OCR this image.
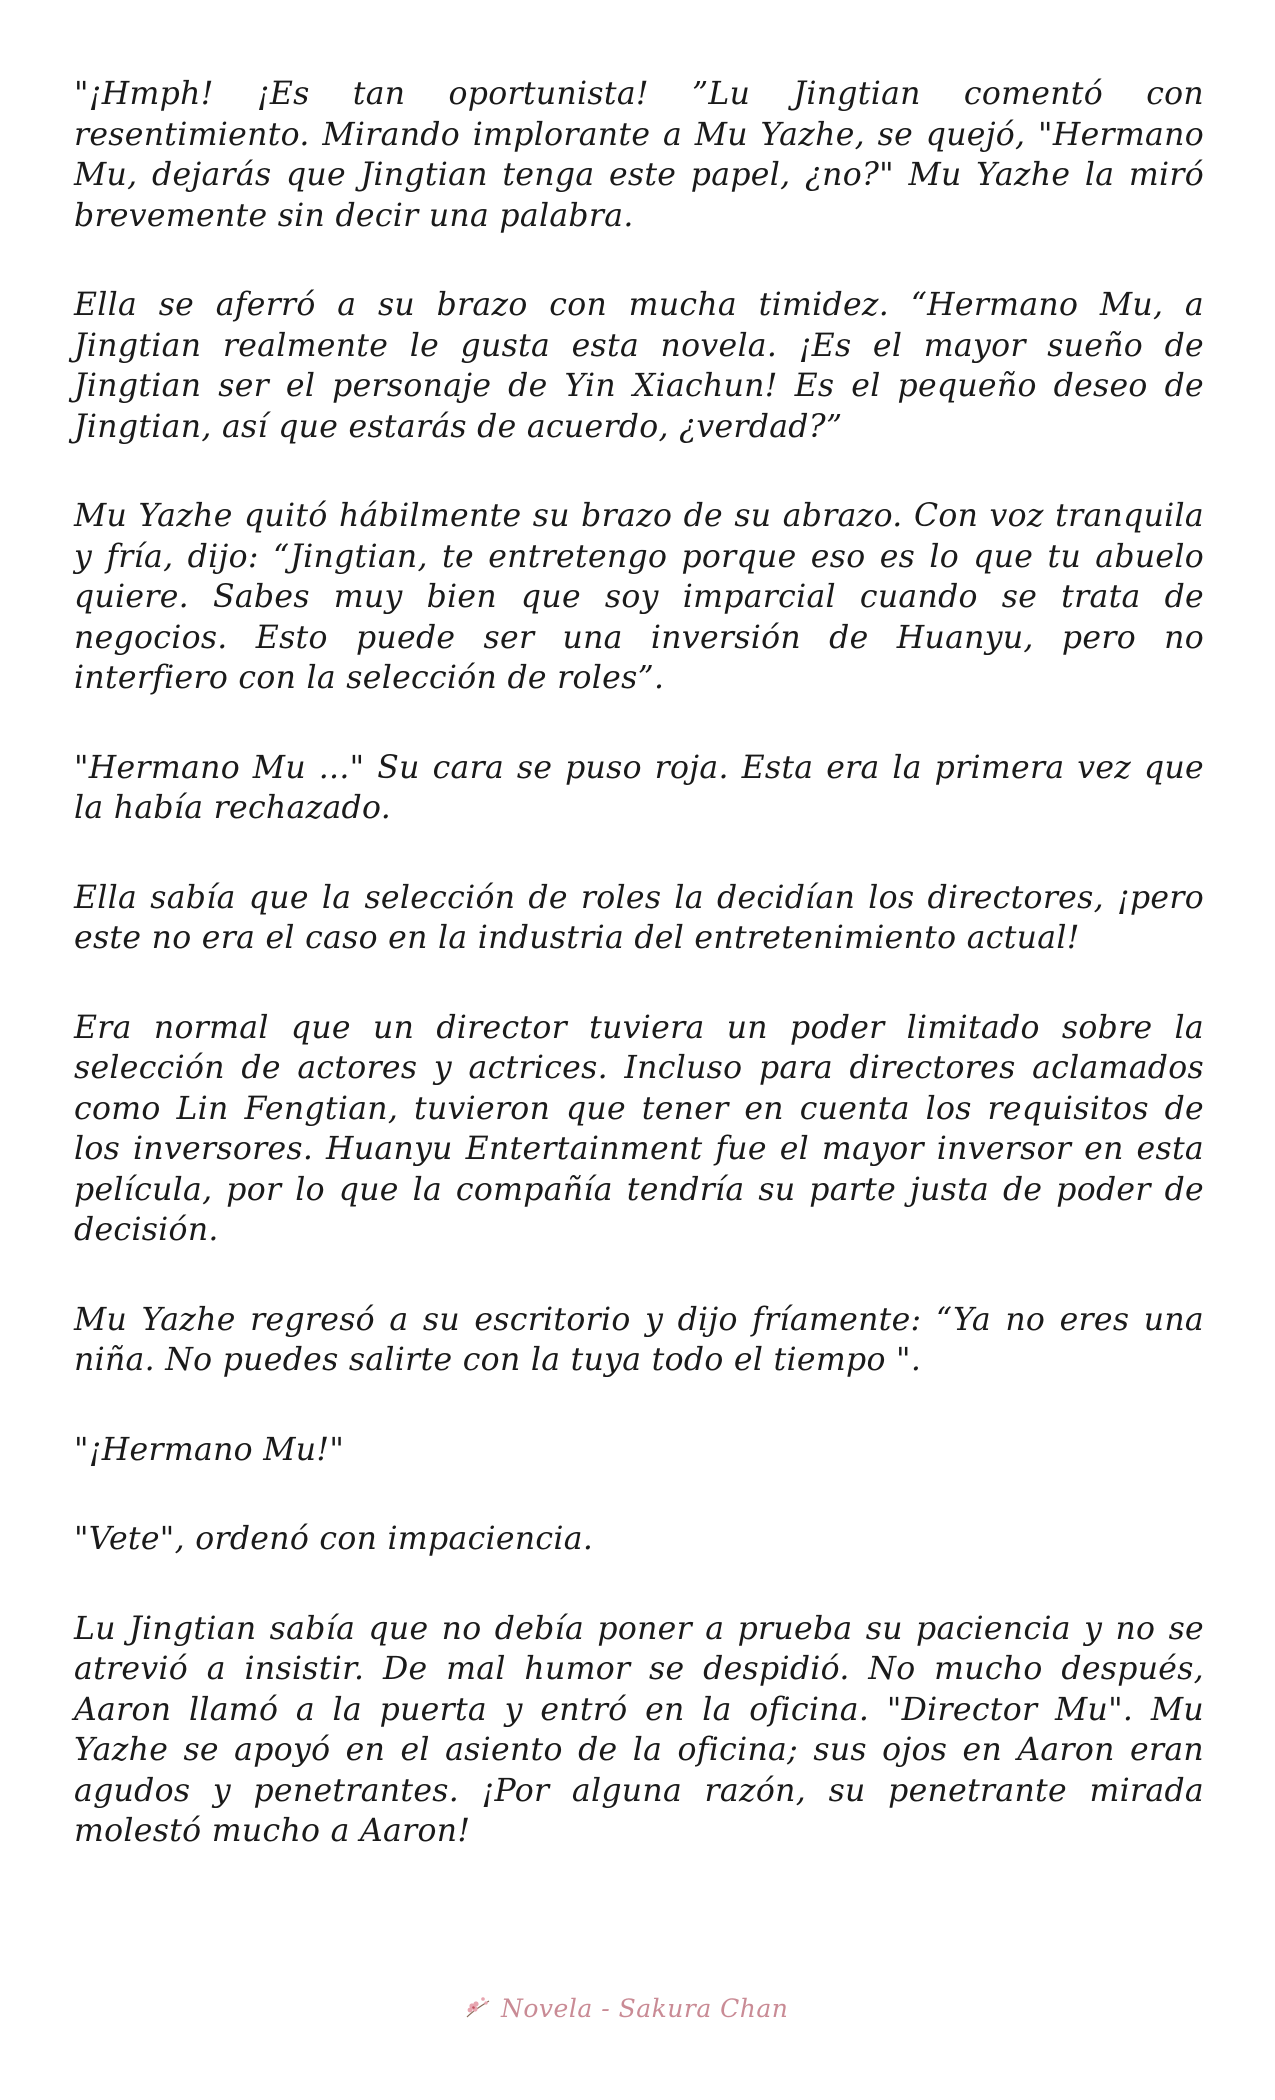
"¡Hmph! ¡Es tan oportunista! ”Lu Jingtian comentó con resentimiento. Mirando implorante a Mu Yazhe, se quejó, "Hermano Mu, dejarás que Jingtian tenga este papel, ¿no?" Mu Yazhe la miró brevemente sin decir una palabra.

Ella se aferró a su brazo con mucha timidez. “Hermano Mu, a Jingtian realmente le gusta esta novela. ¡Es el mayor sueño de Jingtian ser el personaje de Yin Xiachun! Es el pequeño deseo de Jingtian, así que estarás de acuerdo, ¿verdad?”

Mu Yazhe quitó hábilmente su brazo de su abrazo. Con voz tranquila y fría, dijo: “Jingtian, te entretengo porque eso es lo que tu abuelo quiere. Sabes muy bien que soy imparcial cuando se trata de negocios. Esto puede ser una inversión de Huanyu, pero no interfiero con la selección de roles”.

"Hermano Mu ..." Su cara se puso roja. Esta era la primera vez que la había rechazado.

Ella sabía que la selección de roles la decidían los directores, ¡pero este no era el caso en la industria del entretenimiento actual!

Era normal que un director tuviera un poder limitado sobre la selección de actores y actrices. Incluso para directores aclamados como Lin Fengtian, tuvieron que tener en cuenta los requisitos de los inversores. Huanyu Entertainment fue el mayor inversor en esta película, por lo que la compañía tendría su parte justa de poder de decisión.

Mu Yazhe regresó a su escritorio y dijo fríamente: “Ya no eres una niña. No puedes salirte con la tuya todo el tiempo ".

"¡Hermano Mu!"

"Vete", ordenó con impaciencia.

Lu Jingtian sabía que no debía poner a prueba su paciencia y no se atrevió a insistir. De mal humor se despidió. No mucho después, Aaron llamó a la puerta y entró en la oficina. "Director Mu". Mu Yazhe se apoyó en el asiento de la oficina; sus ojos en Aaron eran agudos y penetrantes. ¡Por alguna razón, su penetrante mirada molestó mucho a Aaron!

Novela - Sakura Chan
